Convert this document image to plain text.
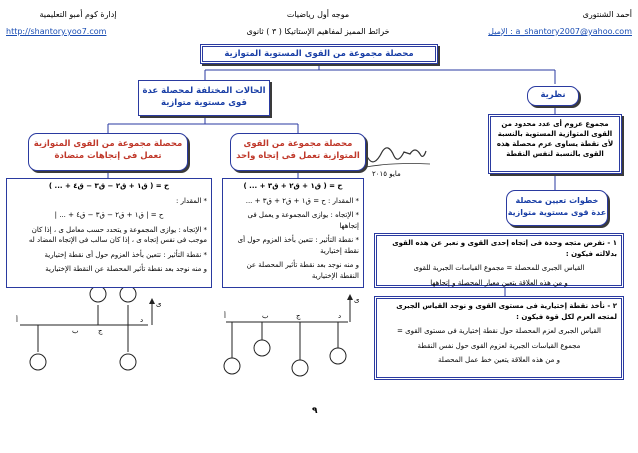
أحمد الشنتورى
الإميل : a_shantory2007@yahoo.com
موجه أول رياضيات
خرائط المميز لمفاهيم الإستاتيكا ( ٣ ) ثانوى
إدارة كوم أمبو التعليمية
http://shantory.yoo7.com
أ	ب	ج	د
ى
أ
ب	ج
د
ى
محصلة مجموعة من القوى المستوية المتوازية
الحالات المختلفة لمحصلة عدة قوى مستوية متوازية
نظرية
مجموع عزوم أى عدد محدود من القوى المتوازية المستوية بالنسبة لأى نقطة يساوى عزم محصلة هذه القوى بالنسبة لنفس النقطة
محصلة مجموعة من القوى المتوازية تعمل فى إتجاه واحد
محصلة مجموعة من القوى المتوازية تعمل فى إتجاهات متضادة
مايو ٢٠١٥
ح = ( ق١ + ق٢ + ق٣ + ... )
* المقدار : ح = ق١ + ق٢ + ق٣ + ...
* الإتجاه : يوازى المجموعة و يعمل فى إتجاهها
* نقطة التأثير : تتعين بأخذ العزوم حول أى نقطة إختيارية
و منه نوجد بعد نقطة تأثير المحصلة عن النقطة الإختيارية
ح = ( ق١ + ق٢ − ق٣ − ق٤ + ... )
* المقدار :
ح = | ق١ + ق٢ − ق٣ − ق٤ + ... |
* الإتجاه : يوازى المجموعة و يتحدد حسب معامل ى ، إذا كان موجب فى نفس إتجاه ى ، إذا كان سالب فى الإتجاه المضاد له
* نقطة التأثير : تتعين بأخذ العزوم حول أى نقطة إختيارية
و منه نوجد بعد نقطة تأثير المحصلة عن النقطة الإختيارية
خطوات تعيين محصلة عدة قوى مستوية متوازية
١ - نفرض متجه وحدة فى إتجاه إحدى القوى و نعبر عن هذه القوى بدلالته فيكون :
القياس الجبرى للمحصلة = مجموع القياسات الجبرية للقوى
و من هذه العلاقة يتعين معيار المحصلة و إتجاهها
٢ - نأخذ نقطة إختيارية فى مستوى القوى و نوجد القياس الجبرى لمتجه العزم لكل قوة فيكون :
القياس الجبرى لعزم المحصلة حول نقطة إختيارية فى مستوى القوى =
مجموع القياسات الجبرية لعزوم القوى حول نفس النقطة
و من هذه العلاقة يتعين خط عمل المحصلة
٩
